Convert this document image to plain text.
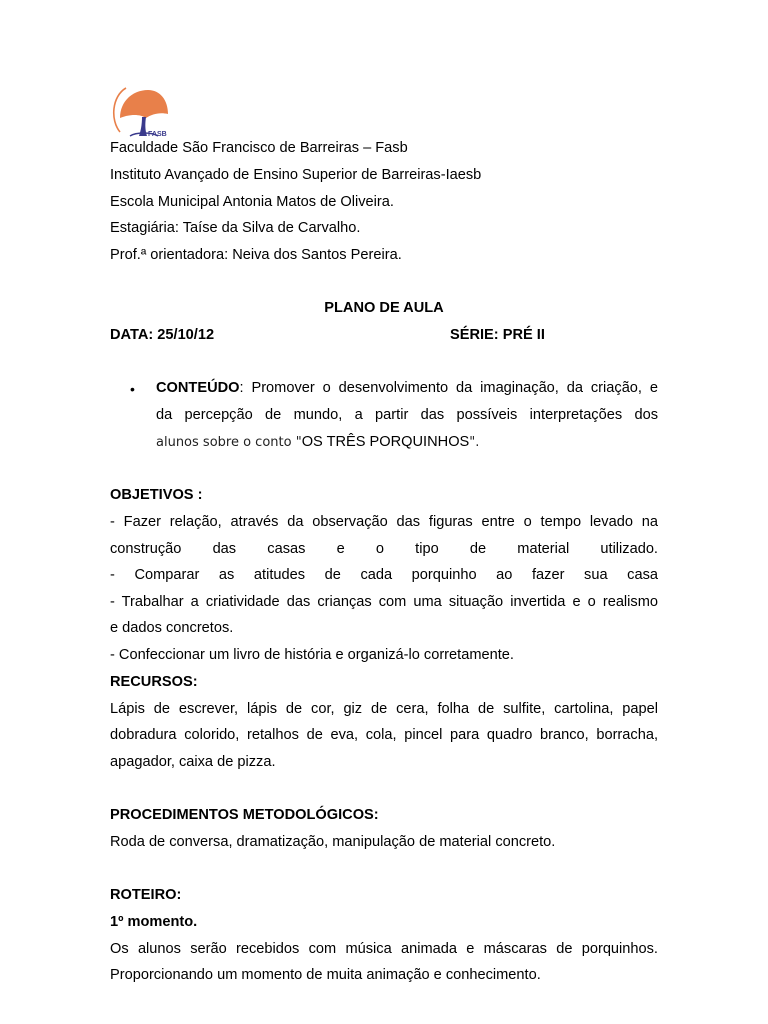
FASB
Faculdade São Francisco de Barreiras – Fasb
Instituto Avançado de Ensino Superior de Barreiras-Iaesb
Escola Municipal Antonia Matos de Oliveira.
Estagiária: Taíse da Silva de Carvalho.
Prof.ª orientadora: Neiva dos Santos Pereira.
PLANO DE AULA
DATA: 25/10/12	SÉRIE: PRÉ II
• CONTEÚDO: Promover o desenvolvimento da imaginação, da criação, e
da percepção de mundo, a partir das possíveis interpretações dos
alunos sobre o conto "OS TRÊS PORQUINHOS".
OBJETIVOS :
- Fazer relação, através da observação das figuras entre o tempo levado na
construção das casas e o tipo de material utilizado.
- Comparar as atitudes de cada porquinho ao fazer sua casa
- Trabalhar a criatividade das crianças com uma situação invertida e o realismo
e dados concretos.
- Confeccionar um livro de história e organizá-lo corretamente.
RECURSOS:
Lápis de escrever, lápis de cor, giz de cera, folha de sulfite, cartolina, papel
dobradura colorido, retalhos de eva, cola, pincel para quadro branco, borracha,
apagador, caixa de pizza.
PROCEDIMENTOS METODOLÓGICOS:
Roda de conversa, dramatização, manipulação de material concreto.
ROTEIRO:
1º momento.
Os alunos serão recebidos com música animada e máscaras de porquinhos.
Proporcionando um momento de muita animação e conhecimento.
